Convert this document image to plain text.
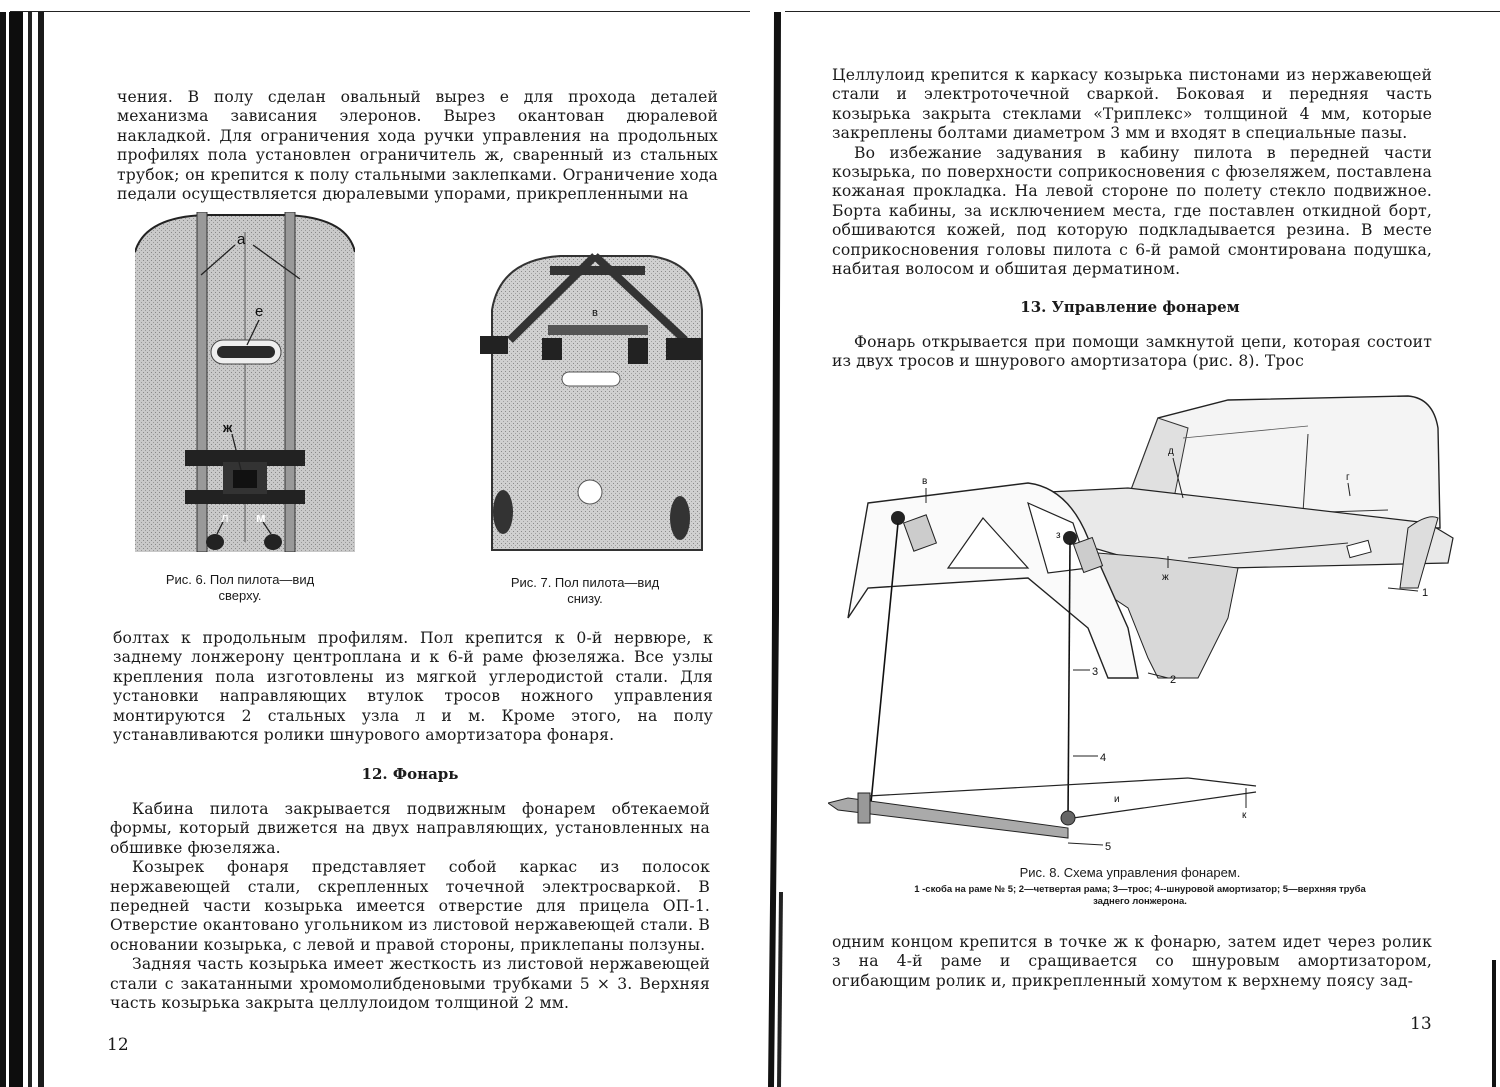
чения. В полу сделан овальный вырез е для прохода деталей механизма зависания элеронов. Вырез окантован дюралевой накладкой. Для ограничения хода ручки управления на продольных профилях пола установлен ограничитель ж, сваренный из стальных трубок; он крепится к полу стальными заклепками. Ограничение хода педали осуществляется дюралевыми упорами, прикрепленными на

а
е
ж
л м
в
Рис. 6. Пол пилота—вид
сверху.
Рис. 7. Пол пилота—вид
снизу.

болтах к продольным профилям. Пол крепится к 0-й нервюре, к заднему лонжерону центроплана и к 6-й раме фюзеляжа. Все узлы крепления пола изготовлены из мягкой углеродистой стали. Для установки направляющих втулок тросов ножного управления монтируются 2 стальных узла л и м. Кроме этого, на полу устанавливаются ролики шнурового амортизатора фонаря.

12. Фонарь

Кабина пилота закрывается подвижным фонарем обтекаемой формы, который движется на двух направляющих, установленных на обшивке фюзеляжа.

Козырек фонаря представляет собой каркас из полосок нержавеющей стали, скрепленных точечной электросваркой. В передней части козырька имеется отверстие для прицела ОП-1. Отверстие окантовано угольником из листовой нержавеющей стали. В основании козырька, с левой и правой стороны, приклепаны ползуны.

Задняя часть козырька имеет жесткость из листовой нержавеющей стали с закатанными хромомолибденовыми трубками 5 × 3. Верхняя часть козырька закрыта целлулоидом толщиной 2 мм.

12

Целлулоид крепится к каркасу козырька пистонами из нержавеющей стали и электроточечной сваркой. Боковая и передняя часть козырька закрыта стеклами «Триплекс» толщиной 4 мм, которые закреплены болтами диаметром 3 мм и входят в специальные пазы.

Во избежание задувания в кабину пилота в передней части козырька, по поверхности соприкосновения с фюзеляжем, поставлена кожаная прокладка. На левой стороне по полету стекло подвижное. Борта кабины, за исключением места, где поставлен откидной борт, обшиваются кожей, под которую подкладывается резина. В месте соприкосновения головы пилота с 6-й рамой смонтирована подушка, набитая волосом и обшитая дерматином.

13. Управление фонарем

Фонарь открывается при помощи замкнутой цепи, которая состоит из двух тросов и шнурового амортизатора (рис. 8). Трос

в
д
г
з
ж
1
2
3
4
5
и
к
Рис. 8. Схема управления фонарем.
1 -скоба на раме № 5; 2—четвертая рама; 3—трос; 4--шнуровой амортизатор; 5—верхняя труба
заднего лонжерона.

одним концом крепится в точке ж к фонарю, затем идет через ролик з на 4-й раме и сращивается со шнуровым амортизатором, огибающим ролик и, прикрепленный хомутом к верхнему поясу зад-

13
